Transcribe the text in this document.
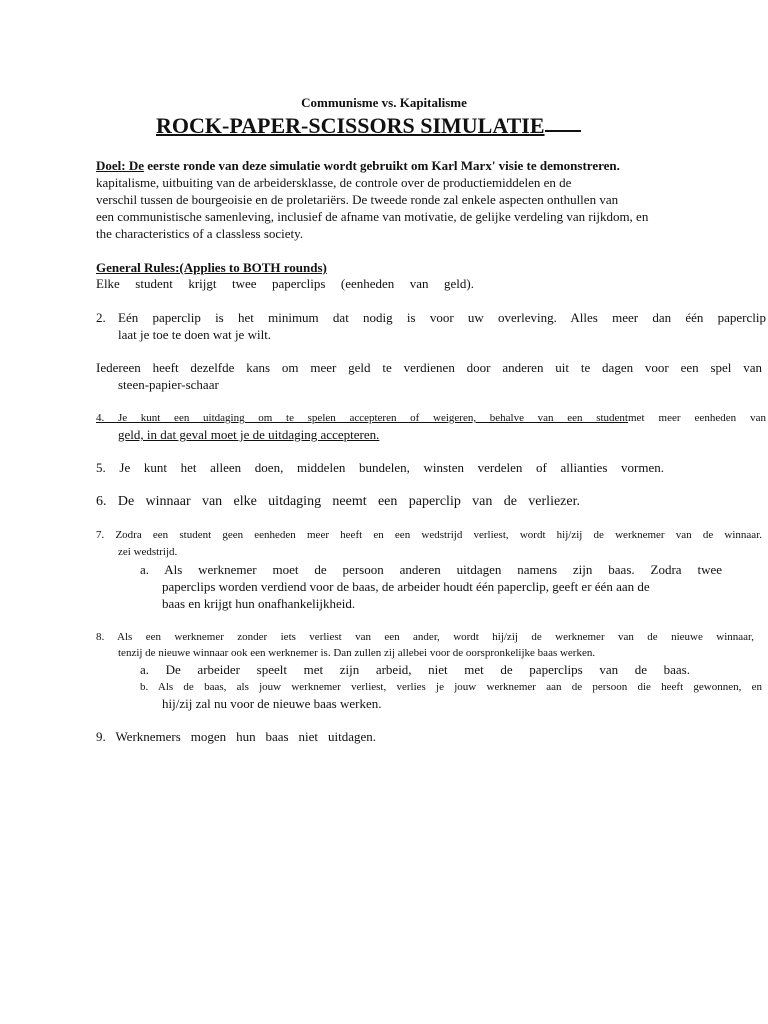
Communisme vs. Kapitalisme
ROCK-PAPER-SCISSORS SIMULATIE
Doel: De eerste ronde van deze simulatie wordt gebruikt om Karl Marx' visie te demonstreren.
kapitalisme, uitbuiting van de arbeidersklasse, de controle over de productiemiddelen en de
verschil tussen de bourgeoisie en de proletariërs. De tweede ronde zal enkele aspecten onthullen van
een communistische samenleving, inclusief de afname van motivatie, de gelijke verdeling van rijkdom, en
the characteristics of a classless society.
General Rules:(Applies to BOTH rounds)
Elke student krijgt twee paperclips (eenheden van geld).
2. Eén paperclip is het minimum dat nodig is voor uw overleving. Alles meer dan één paperclip
laat je toe te doen wat je wilt.
Iedereen heeft dezelfde kans om meer geld te verdienen door anderen uit te dagen voor een spel van
steen-papier-schaar
4. Je kunt een uitdaging om te spelen accepteren of weigeren, behalve van een studentmet meer eenheden van
geld, in dat geval moet je de uitdaging accepteren.
5. Je kunt het alleen doen, middelen bundelen, winsten verdelen of allianties vormen.
6. De winnaar van elke uitdaging neemt een paperclip van de verliezer.
7. Zodra een student geen eenheden meer heeft en een wedstrijd verliest, wordt hij/zij de werknemer van de winnaar.
zei wedstrijd.
a. Als werknemer moet de persoon anderen uitdagen namens zijn baas. Zodra twee
paperclips worden verdiend voor de baas, de arbeider houdt één paperclip, geeft er één aan de
baas en krijgt hun onafhankelijkheid.
8. Als een werknemer zonder iets verliest van een ander, wordt hij/zij de werknemer van de nieuwe winnaar,
tenzij de nieuwe winnaar ook een werknemer is. Dan zullen zij allebei voor de oorspronkelijke baas werken.
a. De arbeider speelt met zijn arbeid, niet met de paperclips van de baas.
b. Als de baas, als jouw werknemer verliest, verlies je jouw werknemer aan de persoon die heeft gewonnen, en
hij/zij zal nu voor de nieuwe baas werken.
9. Werknemers mogen hun baas niet uitdagen.
